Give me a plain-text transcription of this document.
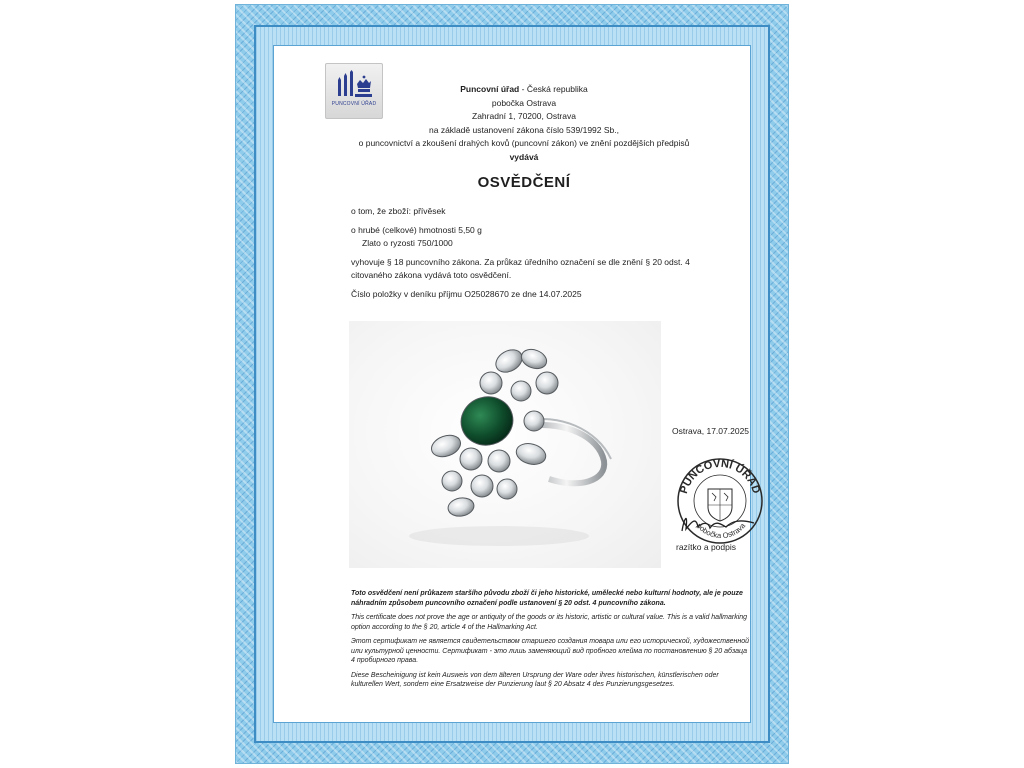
PUNCOVNÍ ÚŘAD
Puncovní úřad - Česká republika
pobočka Ostrava
Zahradní 1, 70200, Ostrava
na základě ustanovení zákona číslo 539/1992 Sb.,
o puncovnictví a zkoušení drahých kovů (puncovní zákon) ve znění pozdějších předpisů
vydává
OSVĚDČENÍ

o tom, že zboží: přívěsek

o hrubé (celkové) hmotnosti 5,50 g

Zlato o ryzosti 750/1000

vyhovuje § 18 puncovního zákona. Za průkaz úředního označení se dle znění § 20 odst. 4 citovaného zákona vydává toto osvědčení.

Číslo položky v deníku příjmu O25028670 ze dne 14.07.2025

Ostrava, 17.07.2025
PUNCOVNÍ ÚŘAD
pobočka Ostrava
razítko a podpis

Toto osvědčení není průkazem staršího původu zboží či jeho historické, umělecké nebo kulturní hodnoty, ale je pouze náhradním způsobem puncovního označení podle ustanovení § 20 odst. 4 puncovního zákona.

This certificate does not prove the age or antiquity of the goods or its historic, artistic or cultural value. This is a valid hallmarking option according to the § 20, article 4 of the Hallmarking Act.

Этот сертификат не является свидетельством старшего создания товара или его исторической, художественной или культурной ценности. Сертификат - это лишь заменяющий вид пробного клейма по постановлению § 20 абзаца 4 пробирного права.

Diese Bescheinigung ist kein Ausweis von dem älteren Ursprung der Ware oder ihres historischen, künstlerischen oder kulturellen Wert, sondern eine Ersatzweise der Punzierung laut § 20 Absatz 4 des Punzierungsgesetzes.
